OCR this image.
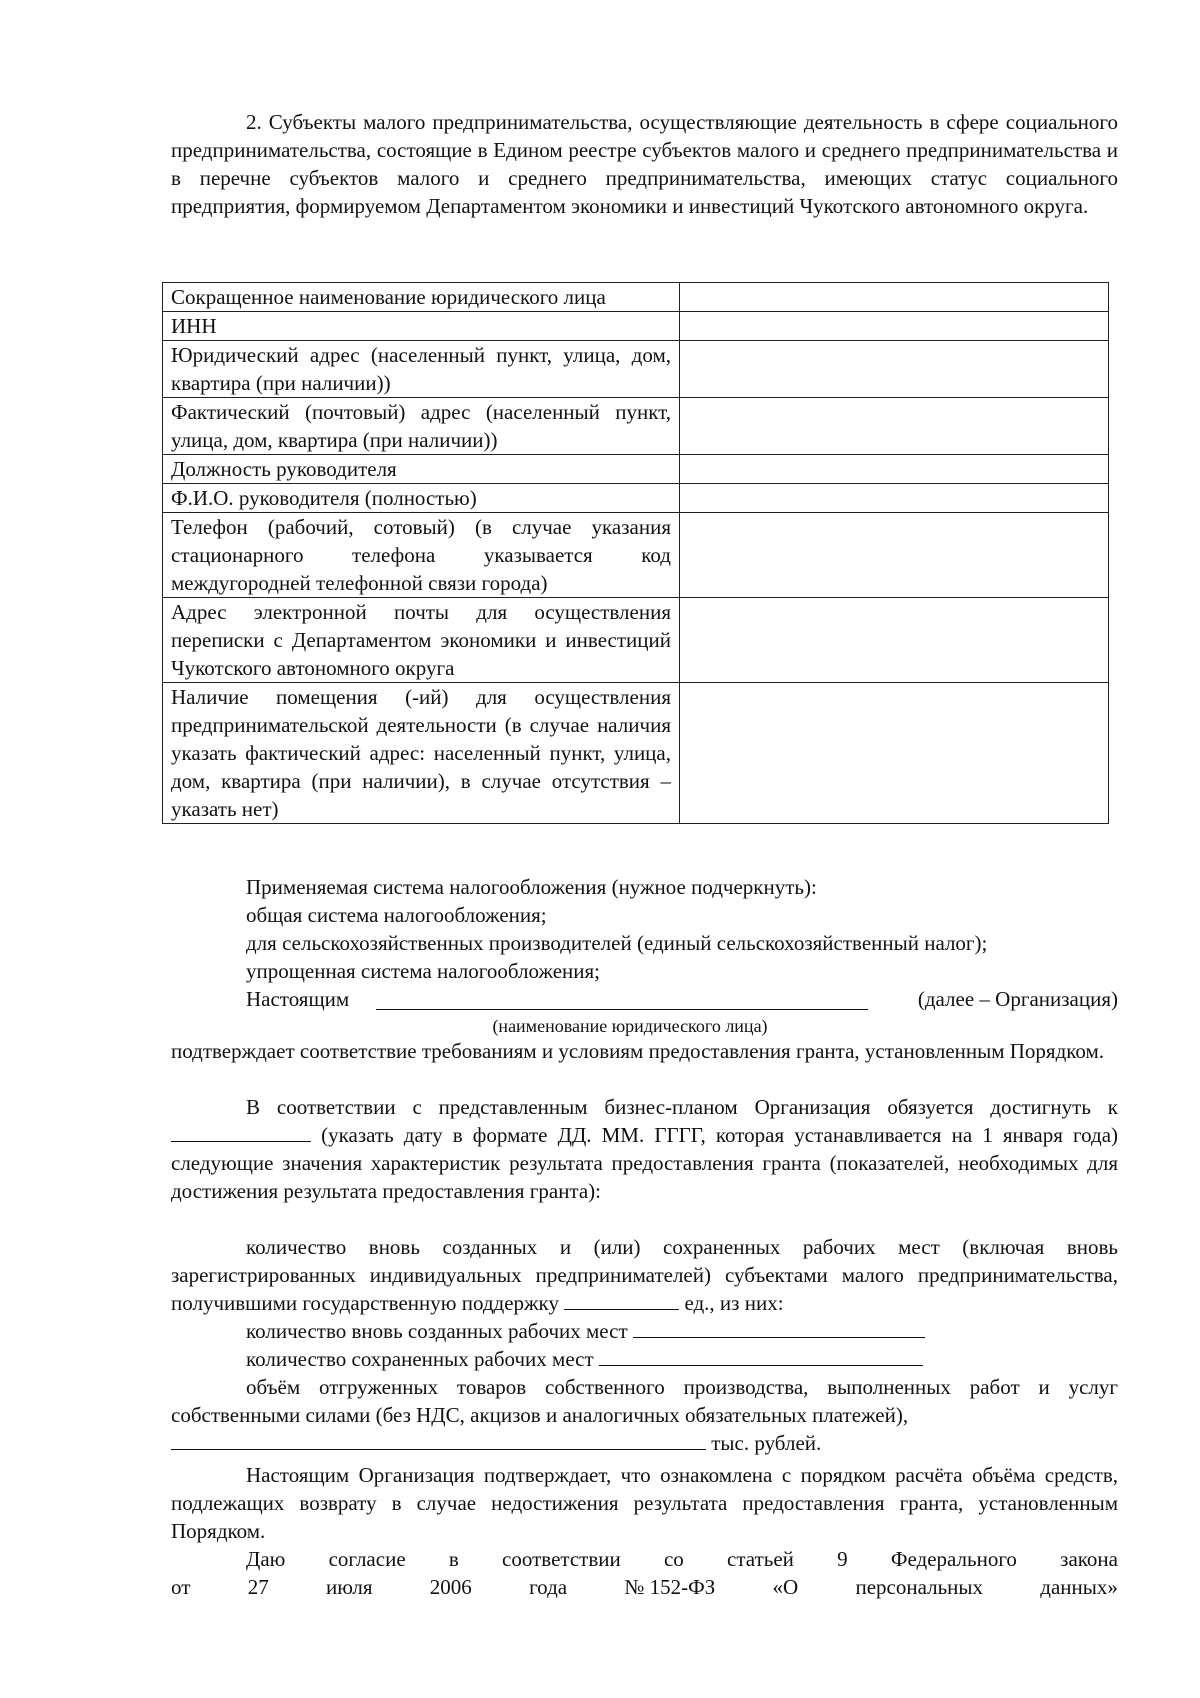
2. Субъекты малого предпринимательства, осуществляющие деятельность в сфере социального предпринимательства, состоящие в Едином реестре субъектов малого и среднего предпринимательства и в перечне субъектов малого и среднего предпринимательства, имеющих статус социального предприятия, формируемом Департаментом экономики и инвестиций Чукотского автономного округа.
Сокращенное наименование юридического лица	
ИНН	
Юридический адрес (населенный пункт, улица, дом, квартира (при наличии))	
Фактический (почтовый) адрес (населенный пункт, улица, дом, квартира (при наличии))	
Должность руководителя	
Ф.И.О. руководителя (полностью)	
Телефон (рабочий, сотовый) (в случае указания стационарного телефона указывается код междугородней телефонной связи города)	
Адрес электронной почты для осуществления переписки с Департаментом экономики и инвестиций Чукотского автономного округа	
Наличие помещения (-ий) для осуществления предпринимательской деятельности (в случае наличия указать фактический адрес: населенный пункт, улица, дом, квартира (при наличии), в случае отсутствия – указать нет)	

Применяемая система налогообложения (нужное подчеркнуть):

общая система налогообложения;

для сельскохозяйственных производителей (единый сельскохозяйственный налог);

упрощенная система налогообложения;

Настоящим	(далее – Организация)
(наименование юридического лица)
подтверждает соответствие требованиям и условиям предоставления гранта, установленным Порядком.
В соответствии с представленным бизнес-планом Организация обязуется достигнуть к  (указать дату в формате ДД. ММ. ГГГГ, которая устанавливается на 1 января года) следующие значения характеристик результата предоставления гранта (показателей, необходимых для достижения результата предоставления гранта):
количество вновь созданных и (или) сохраненных рабочих мест (включая вновь зарегистрированных индивидуальных предпринимателей) субъектами малого предпринимательства, получившими государственную поддержку	ед., из них:
количество вновь созданных рабочих мест
количество сохраненных рабочих мест
объём отгруженных товаров собственного производства, выполненных работ и услуг собственными силами (без НДС, акцизов и аналогичных обязательных платежей),
тыс. рублей.
Настоящим Организация подтверждает, что ознакомлена с порядком расчёта объёма средств, подлежащих возврату в случае недостижения результата предоставления гранта, установленным Порядком.
Даю согласие в соответствии со статьей 9 Федерального закона
от	27	июля	2006	года	№ 152-ФЗ	«О	персональных	данных»
